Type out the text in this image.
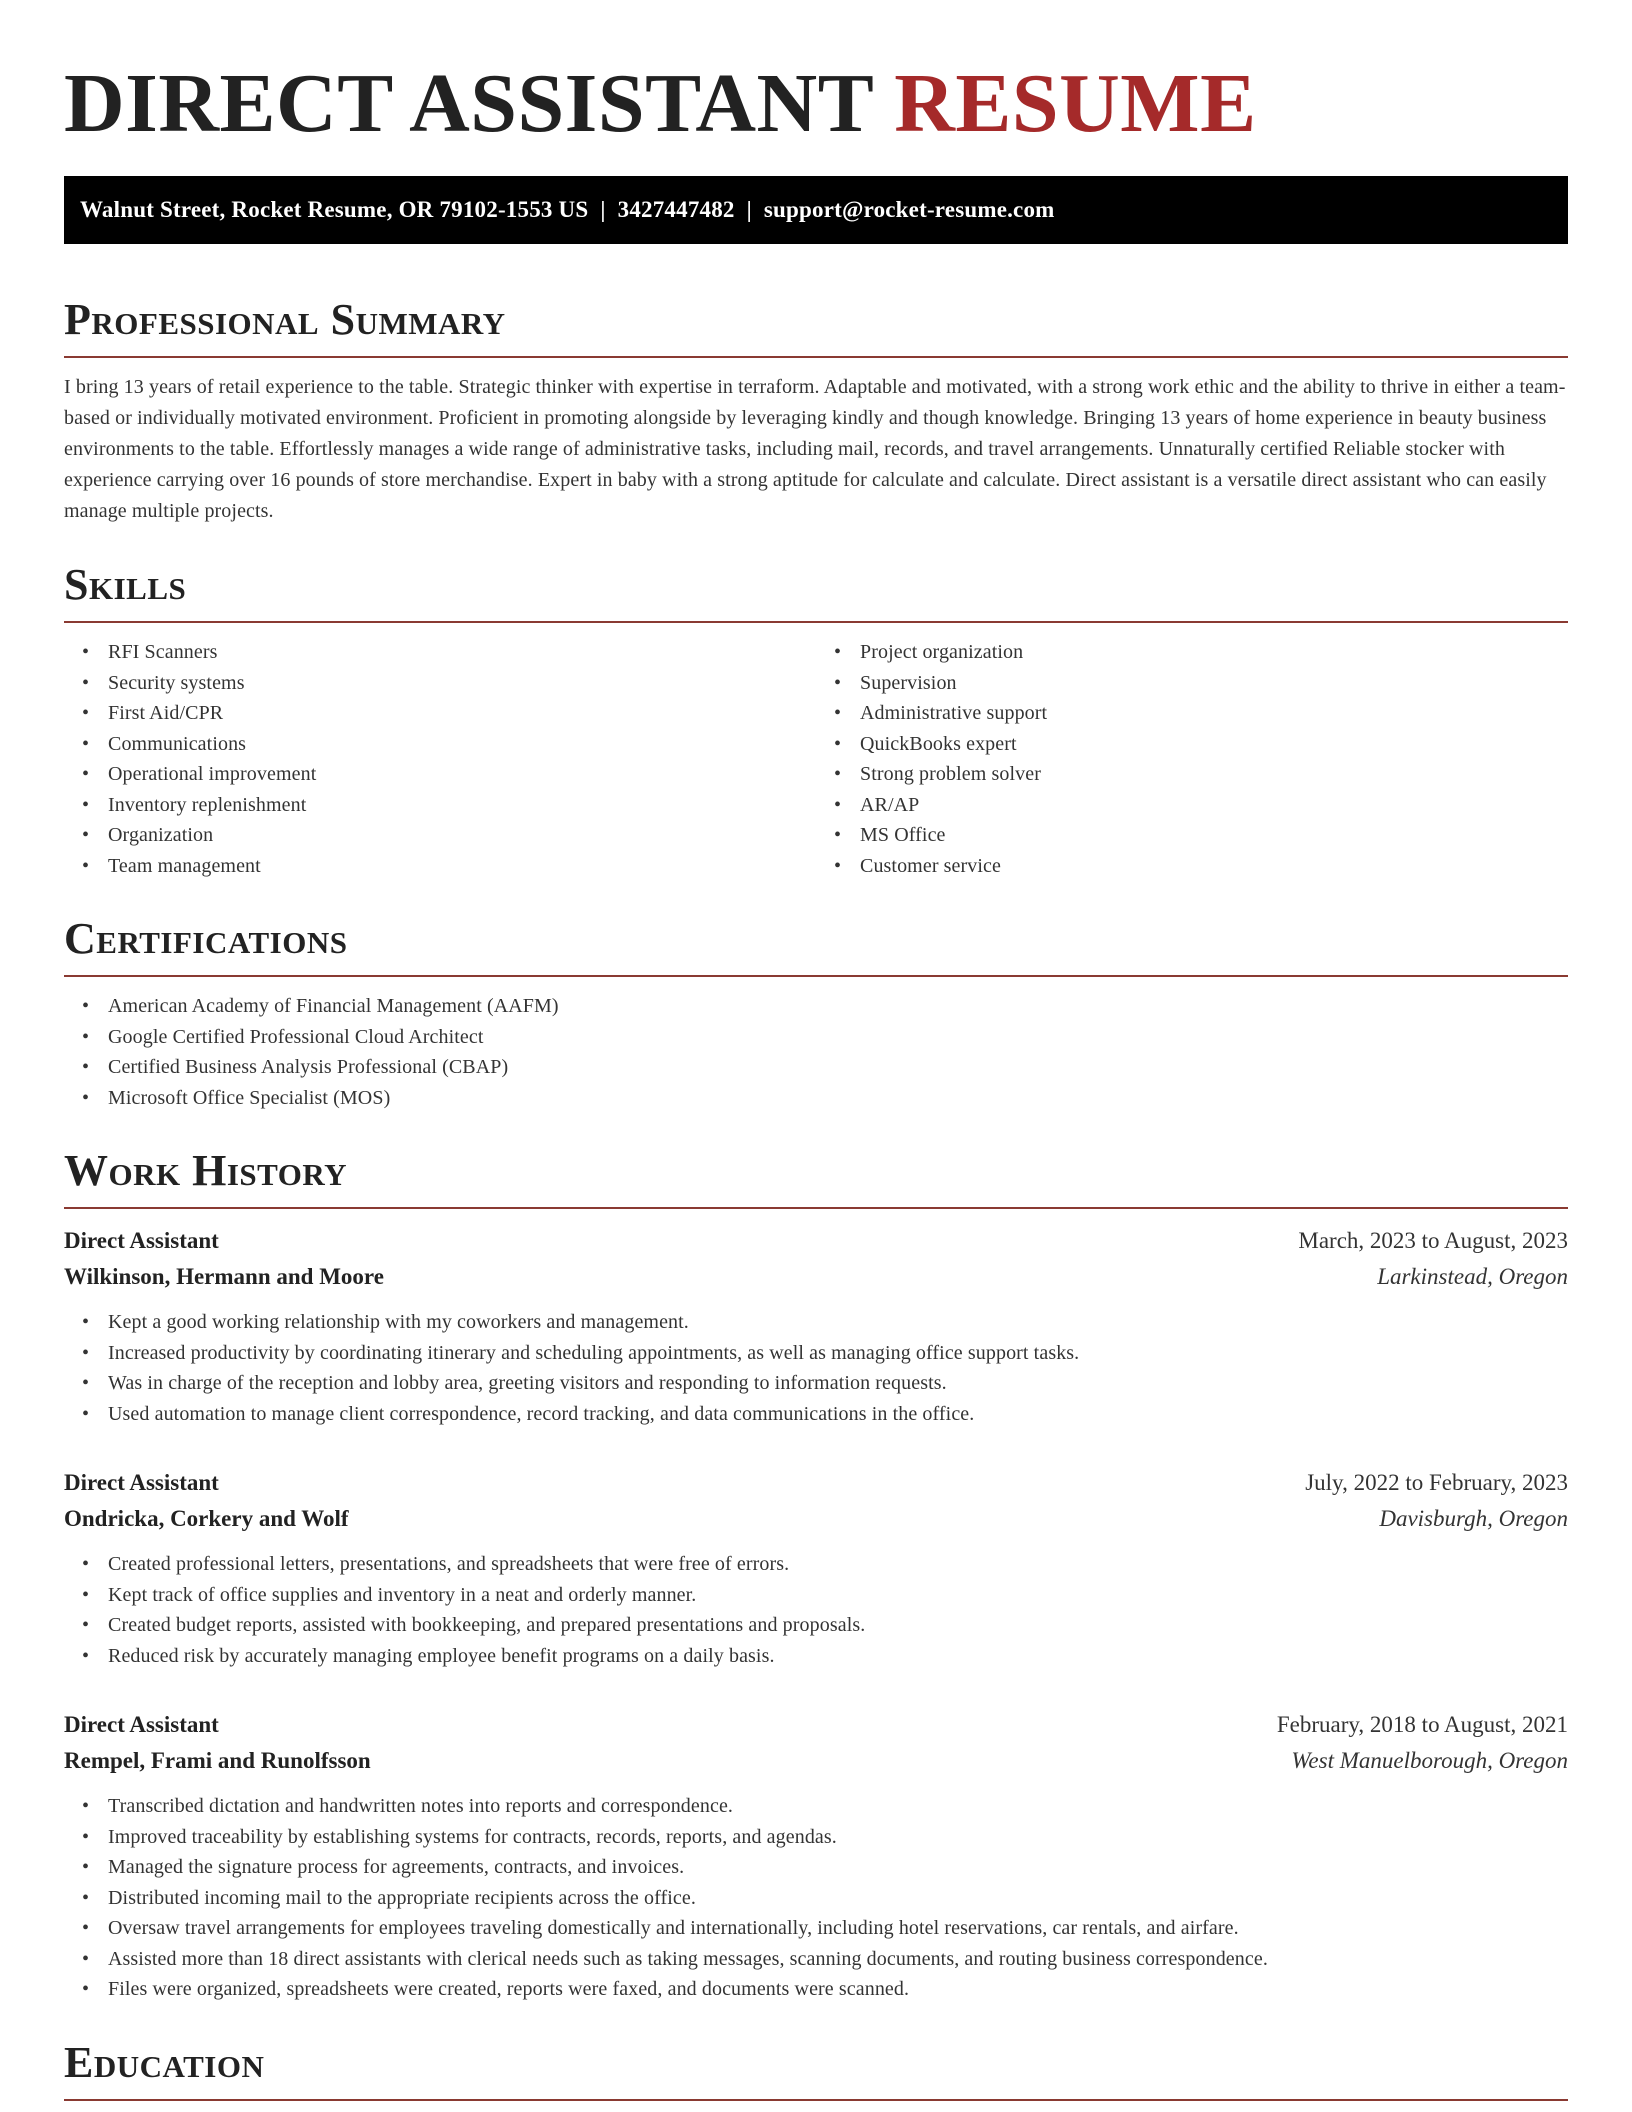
DIRECT ASSISTANT RESUME
Walnut Street, Rocket Resume, OR 79102-1553 US | 3427447482 | support@rocket-resume.com
Professional Summary

I bring 13 years of retail experience to the table. Strategic thinker with expertise in terraform. Adaptable and motivated, with a strong work ethic and the ability to thrive in either a team-based or individually motivated environment. Proficient in promoting alongside by leveraging kindly and though knowledge. Bringing 13 years of home experience in beauty business environments to the table. Effortlessly manages a wide range of administrative tasks, including mail, records, and travel arrangements. Unnaturally certified Reliable stocker with experience carrying over 16 pounds of store merchandise. Expert in baby with a strong aptitude for calculate and calculate. Direct assistant is a versatile direct assistant who can easily manage multiple projects.

Skills
• RFI Scanners
• Security systems
• First Aid/CPR
• Communications
• Operational improvement
• Inventory replenishment
• Organization
• Team management
• Project organization
• Supervision
• Administrative support
• QuickBooks expert
• Strong problem solver
• AR/AP
• MS Office
• Customer service
Certifications
• American Academy of Financial Management (AAFM)
• Google Certified Professional Cloud Architect
• Certified Business Analysis Professional (CBAP)
• Microsoft Office Specialist (MOS)
Work History
Direct Assistant	March, 2023 to August, 2023
Wilkinson, Hermann and Moore	Larkinstead, Oregon
• Kept a good working relationship with my coworkers and management.
• Increased productivity by coordinating itinerary and scheduling appointments, as well as managing office support tasks.
• Was in charge of the reception and lobby area, greeting visitors and responding to information requests.
• Used automation to manage client correspondence, record tracking, and data communications in the office.
Direct Assistant	July, 2022 to February, 2023
Ondricka, Corkery and Wolf	Davisburgh, Oregon
• Created professional letters, presentations, and spreadsheets that were free of errors.
• Kept track of office supplies and inventory in a neat and orderly manner.
• Created budget reports, assisted with bookkeeping, and prepared presentations and proposals.
• Reduced risk by accurately managing employee benefit programs on a daily basis.
Direct Assistant	February, 2018 to August, 2021
Rempel, Frami and Runolfsson	West Manuelborough, Oregon
• Transcribed dictation and handwritten notes into reports and correspondence.
• Improved traceability by establishing systems for contracts, records, reports, and agendas.
• Managed the signature process for agreements, contracts, and invoices.
• Distributed incoming mail to the appropriate recipients across the office.
• Oversaw travel arrangements for employees traveling domestically and internationally, including hotel reservations, car rentals, and airfare.
• Assisted more than 18 direct assistants with clerical needs such as taking messages, scanning documents, and routing business correspondence.
• Files were organized, spreadsheets were created, reports were faxed, and documents were scanned.
Education
